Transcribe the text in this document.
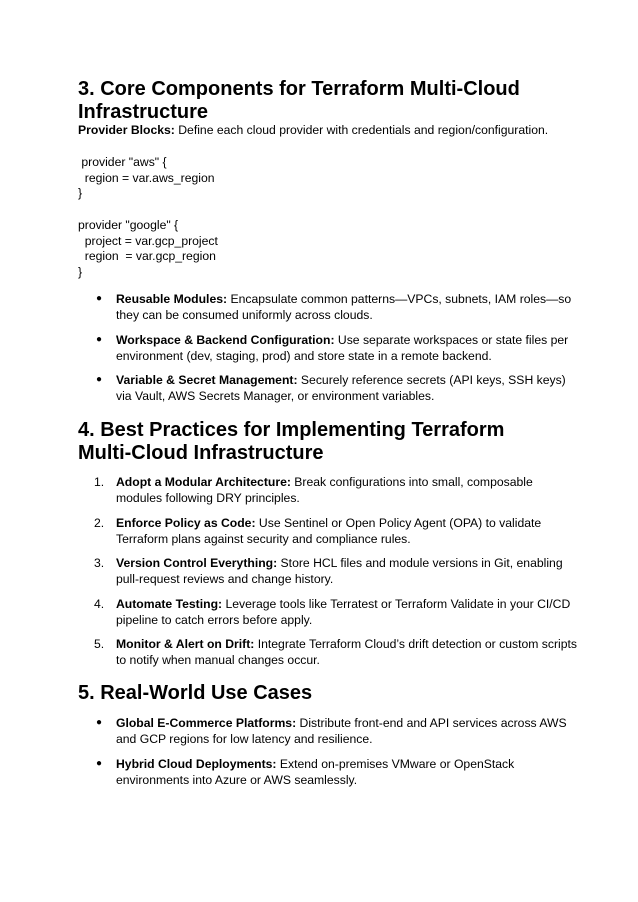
3. Core Components for Terraform Multi-Cloud Infrastructure
Provider Blocks: Define each cloud provider with credentials and region/configuration.
provider "aws" {
region = var.aws_region
}

provider "google" {
project = var.gcp_project
region  = var.gcp_region
}
● Reusable Modules: Encapsulate common patterns—VPCs, subnets, IAM roles—so they can be consumed uniformly across clouds.
● Workspace & Backend Configuration: Use separate workspaces or state files per environment (dev, staging, prod) and store state in a remote backend.
● Variable & Secret Management: Securely reference secrets (API keys, SSH keys) via Vault, AWS Secrets Manager, or environment variables.
4. Best Practices for Implementing Terraform
Multi-Cloud Infrastructure
1. Adopt a Modular Architecture: Break configurations into small, composable modules following DRY principles.
2. Enforce Policy as Code: Use Sentinel or Open Policy Agent (OPA) to validate Terraform plans against security and compliance rules.
3. Version Control Everything: Store HCL files and module versions in Git, enabling pull-request reviews and change history.
4. Automate Testing: Leverage tools like Terratest or Terraform Validate in your CI/CD pipeline to catch errors before apply.
5. Monitor & Alert on Drift: Integrate Terraform Cloud’s drift detection or custom scripts to notify when manual changes occur.
5. Real-World Use Cases
● Global E-Commerce Platforms: Distribute front-end and API services across AWS and GCP regions for low latency and resilience.
● Hybrid Cloud Deployments: Extend on-premises VMware or OpenStack environments into Azure or AWS seamlessly.
